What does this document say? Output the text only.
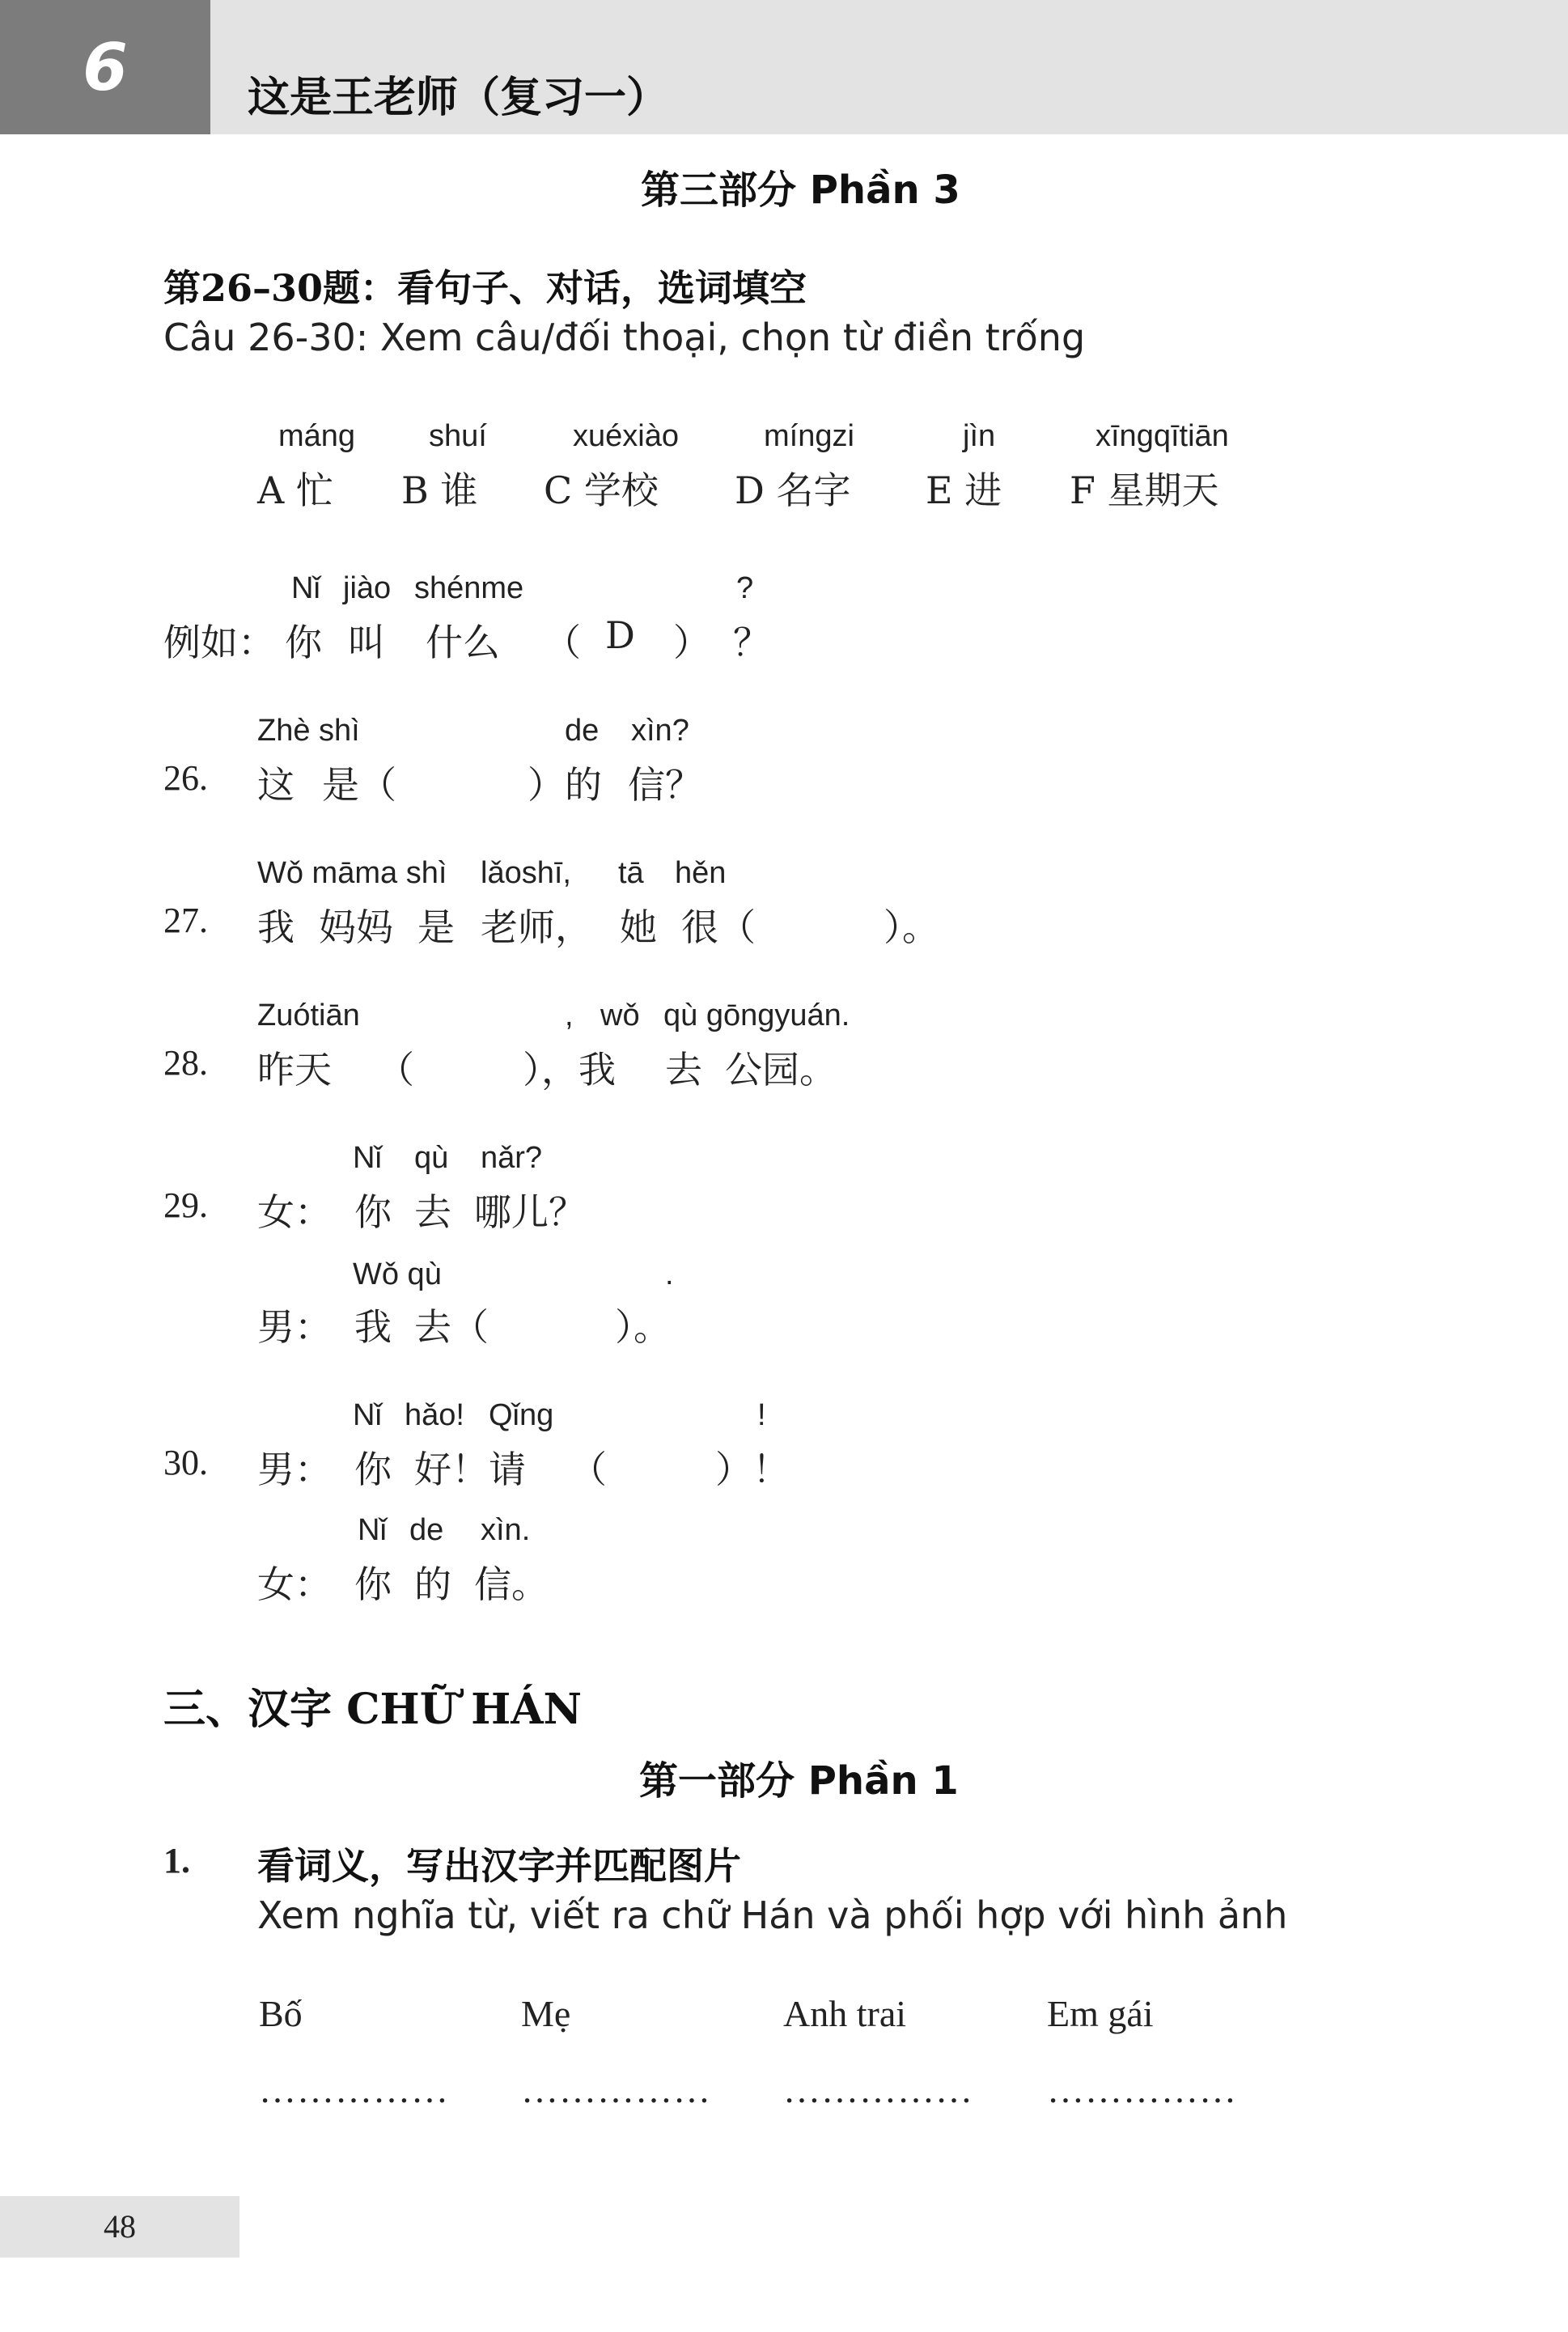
6	这是王老师（复习一）
第三部分 Phần 3
第26–30题：看句子、对话，选词填空
Câu 26-30: Xem câu/đối thoại, chọn từ điền trống
máng
A 忙
shuí
B 谁
xuéxiào
C 学校
míngzi
D 名字
jìn
E 进
xīngqītiān
F 星期天
Nǐ jiào shénme	?
例如： 你 叫 什么 （ D ） ？
Zhè shì	de xìn?
26. 这 是（	）的 信？
Wǒ māma shì lǎoshī, tā hěn
27. 我 妈妈 是 老师， 她 很（	）。
Zuótiān	, wǒ qù gōngyuán.
28. 昨天 （	），我 去 公园。
Nǐ qù nǎr?
29. 女： 你 去 哪儿？
Wǒ qù	.
男： 我 去（	）。
Nǐ hǎo! Qǐng	!
30. 男： 你 好！请 （	）！
Nǐ de xìn.
女： 你 的 信。
三、汉字 CHỮ HÁN
第一部分 Phần 1
1. 看词义，写出汉字并匹配图片
Xem nghĩa từ, viết ra chữ Hán và phối hợp với hình ảnh
Bố	Mẹ	Anh trai	Em gái
…………… …………… …………… ……………
48
